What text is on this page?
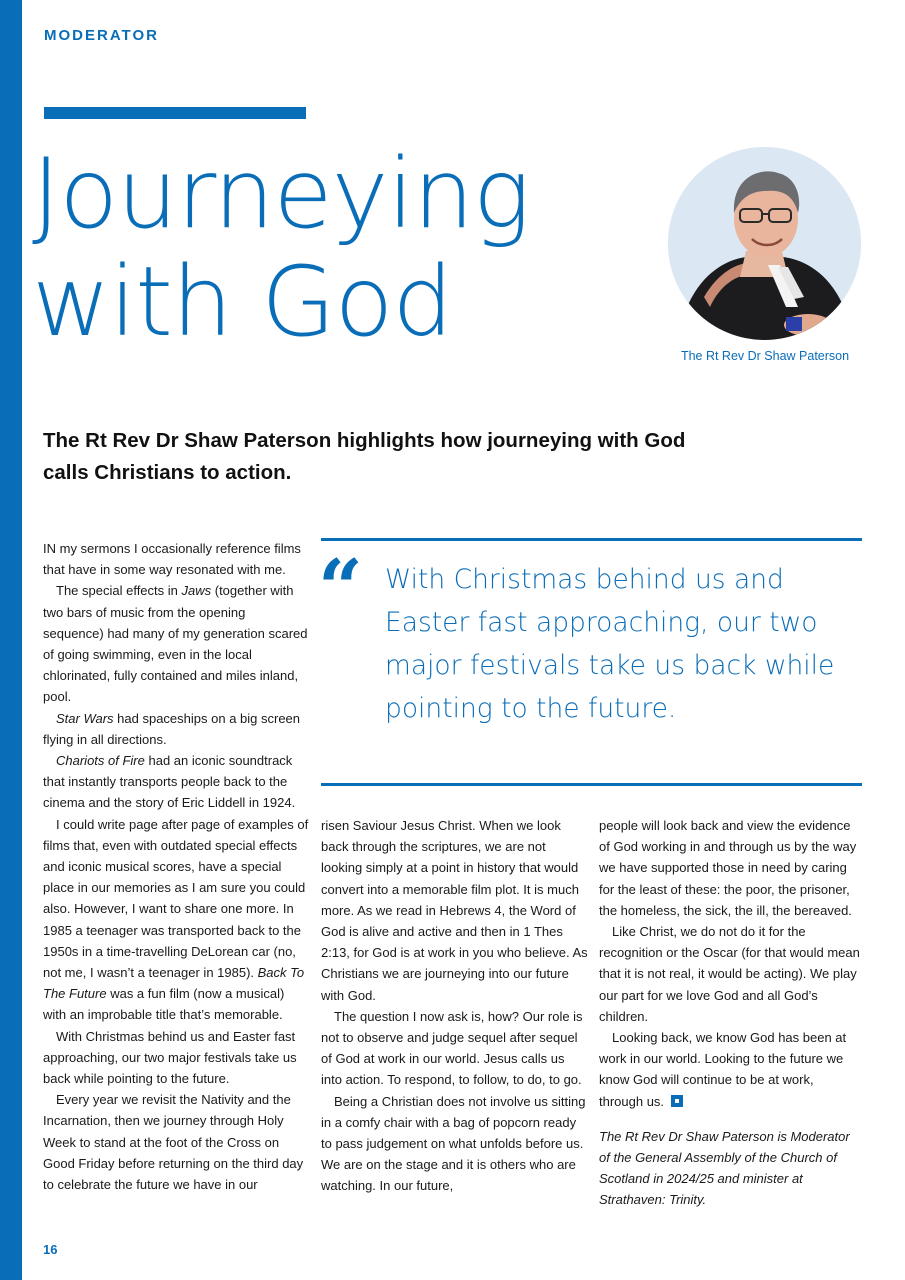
MODERATOR
Journeying
with God	The Rt Rev Dr Shaw Paterson

The Rt Rev Dr Shaw Paterson highlights how journeying with God calls Christians to action.

IN my sermons I occasionally reference films that have in some way resonated with me.

The special effects in Jaws (together with two bars of music from the opening sequence) had many of my generation scared of going swimming, even in the local chlorinated, fully contained and miles inland, pool.

Star Wars had spaceships on a big screen flying in all directions.

Chariots of Fire had an iconic soundtrack that instantly transports people back to the cinema and the story of Eric Liddell in 1924.

I could write page after page of examples of films that, even with outdated special effects and iconic musical scores, have a special place in our memories as I am sure you could also. However, I want to share one more. In 1985 a teenager was transported back to the 1950s in a time-travelling DeLorean car (no, not me, I wasn’t a teenager in 1985). Back To The Future was a fun film (now a musical) with an improbable title that’s memorable.

With Christmas behind us and Easter fast approaching, our two major festivals take us back while pointing to the future.

Every year we revisit the Nativity and the Incarnation, then we journey through Holy Week to stand at the foot of the Cross on Good Friday before returning on the third day to celebrate the future we have in our

“ With Christmas behind us and Easter fast approaching, our two major festivals take us back while pointing to the future.

risen Saviour Jesus Christ. When we look back through the scriptures, we are not looking simply at a point in history that would convert into a memorable film plot. It is much more. As we read in Hebrews 4, the Word of God is alive and active and then in 1 Thes 2:13, for God is at work in you who believe. As Christians we are journeying into our future with God.

The question I now ask is, how? Our role is not to observe and judge sequel after sequel of God at work in our world. Jesus calls us into action. To respond, to follow, to do, to go.

Being a Christian does not involve us sitting in a comfy chair with a bag of popcorn ready to pass judgement on what unfolds before us. We are on the stage and it is others who are watching. In our future,

people will look back and view the evidence of God working in and through us by the way we have supported those in need by caring for the least of these: the poor, the prisoner, the homeless, the sick, the ill, the bereaved.

Like Christ, we do not do it for the recognition or the Oscar (for that would mean that it is not real, it would be acting). We play our part for we love God and all God’s children.

Looking back, we know God has been at work in our world. Looking to the future we know God will continue to be at work, through us.

The Rt Rev Dr Shaw Paterson is Moderator of the General Assembly of the Church of Scotland in 2024/25 and minister at Strathaven: Trinity.

16
